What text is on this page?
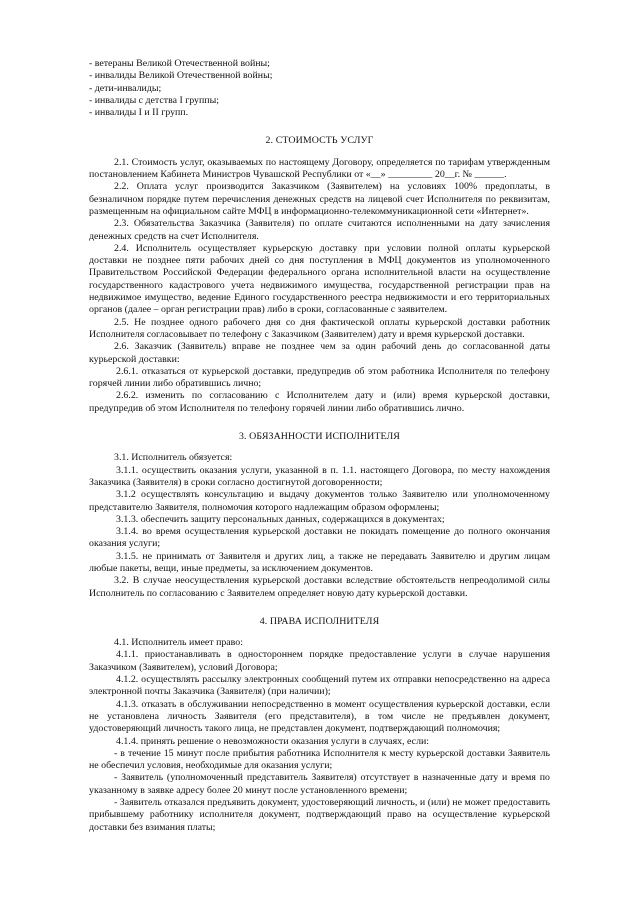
- ветераны Великой Отечественной войны;
- инвалиды Великой Отечественной войны;
- дети-инвалиды;
- инвалиды с детства I группы;
- инвалиды I и II групп.
2. СТОИМОСТЬ УСЛУГ

2.1. Стоимость услуг, оказываемых по настоящему Договору, определяется по тарифам утвержденным постановлением Кабинета Министров Чувашской Республики от «__» _________ 20__г. № ______.

2.2. Оплата услуг производится Заказчиком (Заявителем) на условиях 100% предоплаты, в безналичном порядке путем перечисления денежных средств на лицевой счет Исполнителя по реквизитам, размещенным на официальном сайте МФЦ в информационно-телекоммуникационной сети «Интернет».

2.3. Обязательства Заказчика (Заявителя) по оплате считаются исполненными на дату зачисления денежных средств на счет Исполнителя.

2.4. Исполнитель осуществляет курьерскую доставку при условии полной оплаты курьерской доставки не позднее пяти рабочих дней со дня поступления в МФЦ документов из уполномоченного Правительством Российской Федерации федерального органа исполнительной власти на осуществление государственного кадастрового учета недвижимого имущества, государственной регистрации прав на недвижимое имущество, ведение Единого государственного реестра недвижимости и его территориальных органов (далее – орган регистрации прав) либо в сроки, согласованные с заявителем.

2.5. Не позднее одного рабочего дня со дня фактической оплаты курьерской доставки работник Исполнителя согласовывает по телефону с Заказчиком (Заявителем) дату и время курьерской доставки.

2.6. Заказчик (Заявитель) вправе не позднее чем за один рабочий день до согласованной даты курьерской доставки:

2.6.1. отказаться от курьерской доставки, предупредив об этом работника Исполнителя по телефону горячей линии либо обратившись лично;

2.6.2. изменить по согласованию с Исполнителем дату и (или) время курьерской доставки, предупредив об этом Исполнителя по телефону горячей линии либо обратившись лично.

3. ОБЯЗАННОСТИ ИСПОЛНИТЕЛЯ

3.1. Исполнитель обязуется:

3.1.1. осуществить оказания услуги, указанной в п. 1.1. настоящего Договора, по месту нахождения Заказчика (Заявителя) в сроки согласно достигнутой договоренности;

3.1.2 осуществлять консультацию и выдачу документов только Заявителю или уполномоченному представителю Заявителя, полномочия которого надлежащим образом оформлены;

3.1.3. обеспечить защиту персональных данных, содержащихся в документах;

3.1.4. во время осуществления курьерской доставки не покидать помещение до полного окончания оказания услуги;

3.1.5. не принимать от Заявителя и других лиц, а также не передавать Заявителю и другим лицам любые пакеты, вещи, иные предметы, за исключением документов.

3.2. В случае неосуществления курьерской доставки вследствие обстоятельств непреодолимой силы Исполнитель по согласованию с Заявителем определяет новую дату курьерской доставки.

4. ПРАВА ИСПОЛНИТЕЛЯ

4.1. Исполнитель имеет право:

4.1.1. приостанавливать в одностороннем порядке предоставление услуги в случае нарушения Заказчиком (Заявителем), условий Договора;

4.1.2. осуществлять рассылку электронных сообщений путем их отправки непосредственно на адреса электронной почты Заказчика (Заявителя) (при наличии);

4.1.3. отказать в обслуживании непосредственно в момент осуществления курьерской доставки, если не установлена личность Заявителя (его представителя), в том числе не предъявлен документ, удостоверяющий личность такого лица, не представлен документ, подтверждающий полномочия;

4.1.4. принять решение о невозможности оказания услуги в случаях, если:

- в течение 15 минут после прибытия работника Исполнителя к месту курьерской доставки Заявитель не обеспечил условия, необходимые для оказания услуги;

- Заявитель (уполномоченный представитель Заявителя) отсутствует в назначенные дату и время по указанному в заявке адресу более 20 минут после установленного времени;

- Заявитель отказался предъявить документ, удостоверяющий личность, и (или) не может предоставить прибывшему работнику исполнителя документ, подтверждающий право на осуществление курьерской доставки без взимания платы;
